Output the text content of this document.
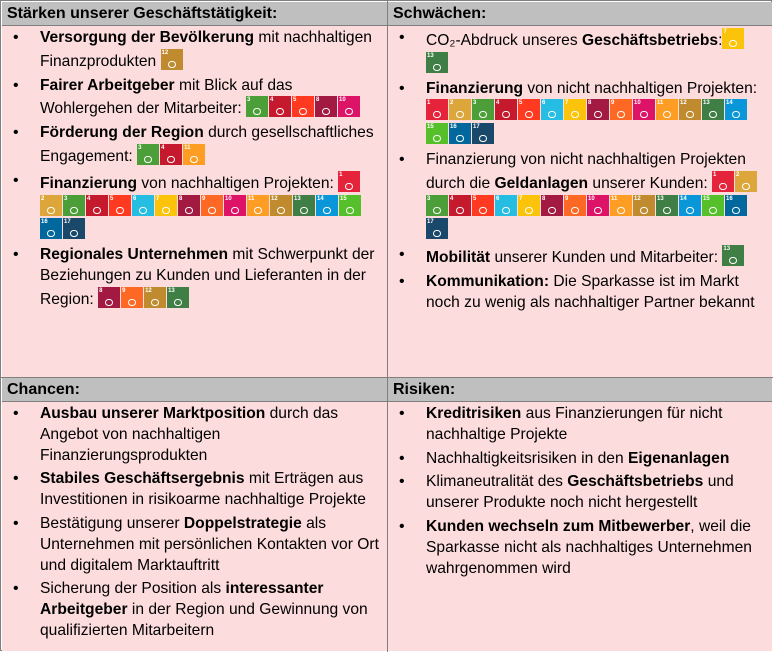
Stärken unserer Geschäftstätigkeit:
• Versorgung der Bevölkerung mit nachhaltigen Finanzprodukten 12
• Fairer Arbeitgeber mit Blick auf das Wohlergehen der Mitarbeiter: 3	4	5	8	10
• Förderung der Region durch gesellschaftliches Engagement: 3	4	11
• Finanzierung von nachhaltigen Projekten: 1
2	3	4	5	6	7	8	9	10	11	12	13	14	15
16	17
• Regionales Unternehmen mit Schwerpunkt der Beziehungen zu Kunden und Lieferanten in der Region: 8	9	12	13
Schwächen:
• CO₂-Abdruck unseres Geschäftsbetriebs:7
13
• Finanzierung von nicht nachhaltigen Projekten: 1	2	3	4	5	6	7	8	9	10	11	12	13	14
15	16	17
• Finanzierung von nicht nachhaltigen Projekten durch die Geldanlagen unserer Kunden: 1	2
3	4	5	6	7	8	9	10	11	12	13	14	15	16
17
• Mobilität unserer Kunden und Mitarbeiter: 13
• Kommunikation: Die Sparkasse ist im Markt noch zu wenig als nachhaltiger Partner bekannt
Chancen:
• Ausbau unserer Marktposition durch das Angebot von nachhaltigen Finanzierungsprodukten
• Stabiles Geschäftsergebnis mit Erträgen aus Investitionen in risikoarme nachhaltige Projekte
• Bestätigung unserer Doppelstrategie als Unternehmen mit persönlichen Kontakten vor Ort und digitalem Marktauftritt
• Sicherung der Position als interessanter Arbeitgeber in der Region und Gewinnung von qualifizierten Mitarbeitern
Risiken:
• Kreditrisiken aus Finanzierungen für nicht nachhaltige Projekte
• Nachhaltigkeitsrisiken in den Eigenanlagen
• Klimaneutralität des Geschäftsbetriebs und unserer Produkte noch nicht hergestellt
• Kunden wechseln zum Mitbewerber, weil die Sparkasse nicht als nachhaltiges Unternehmen wahrgenommen wird
